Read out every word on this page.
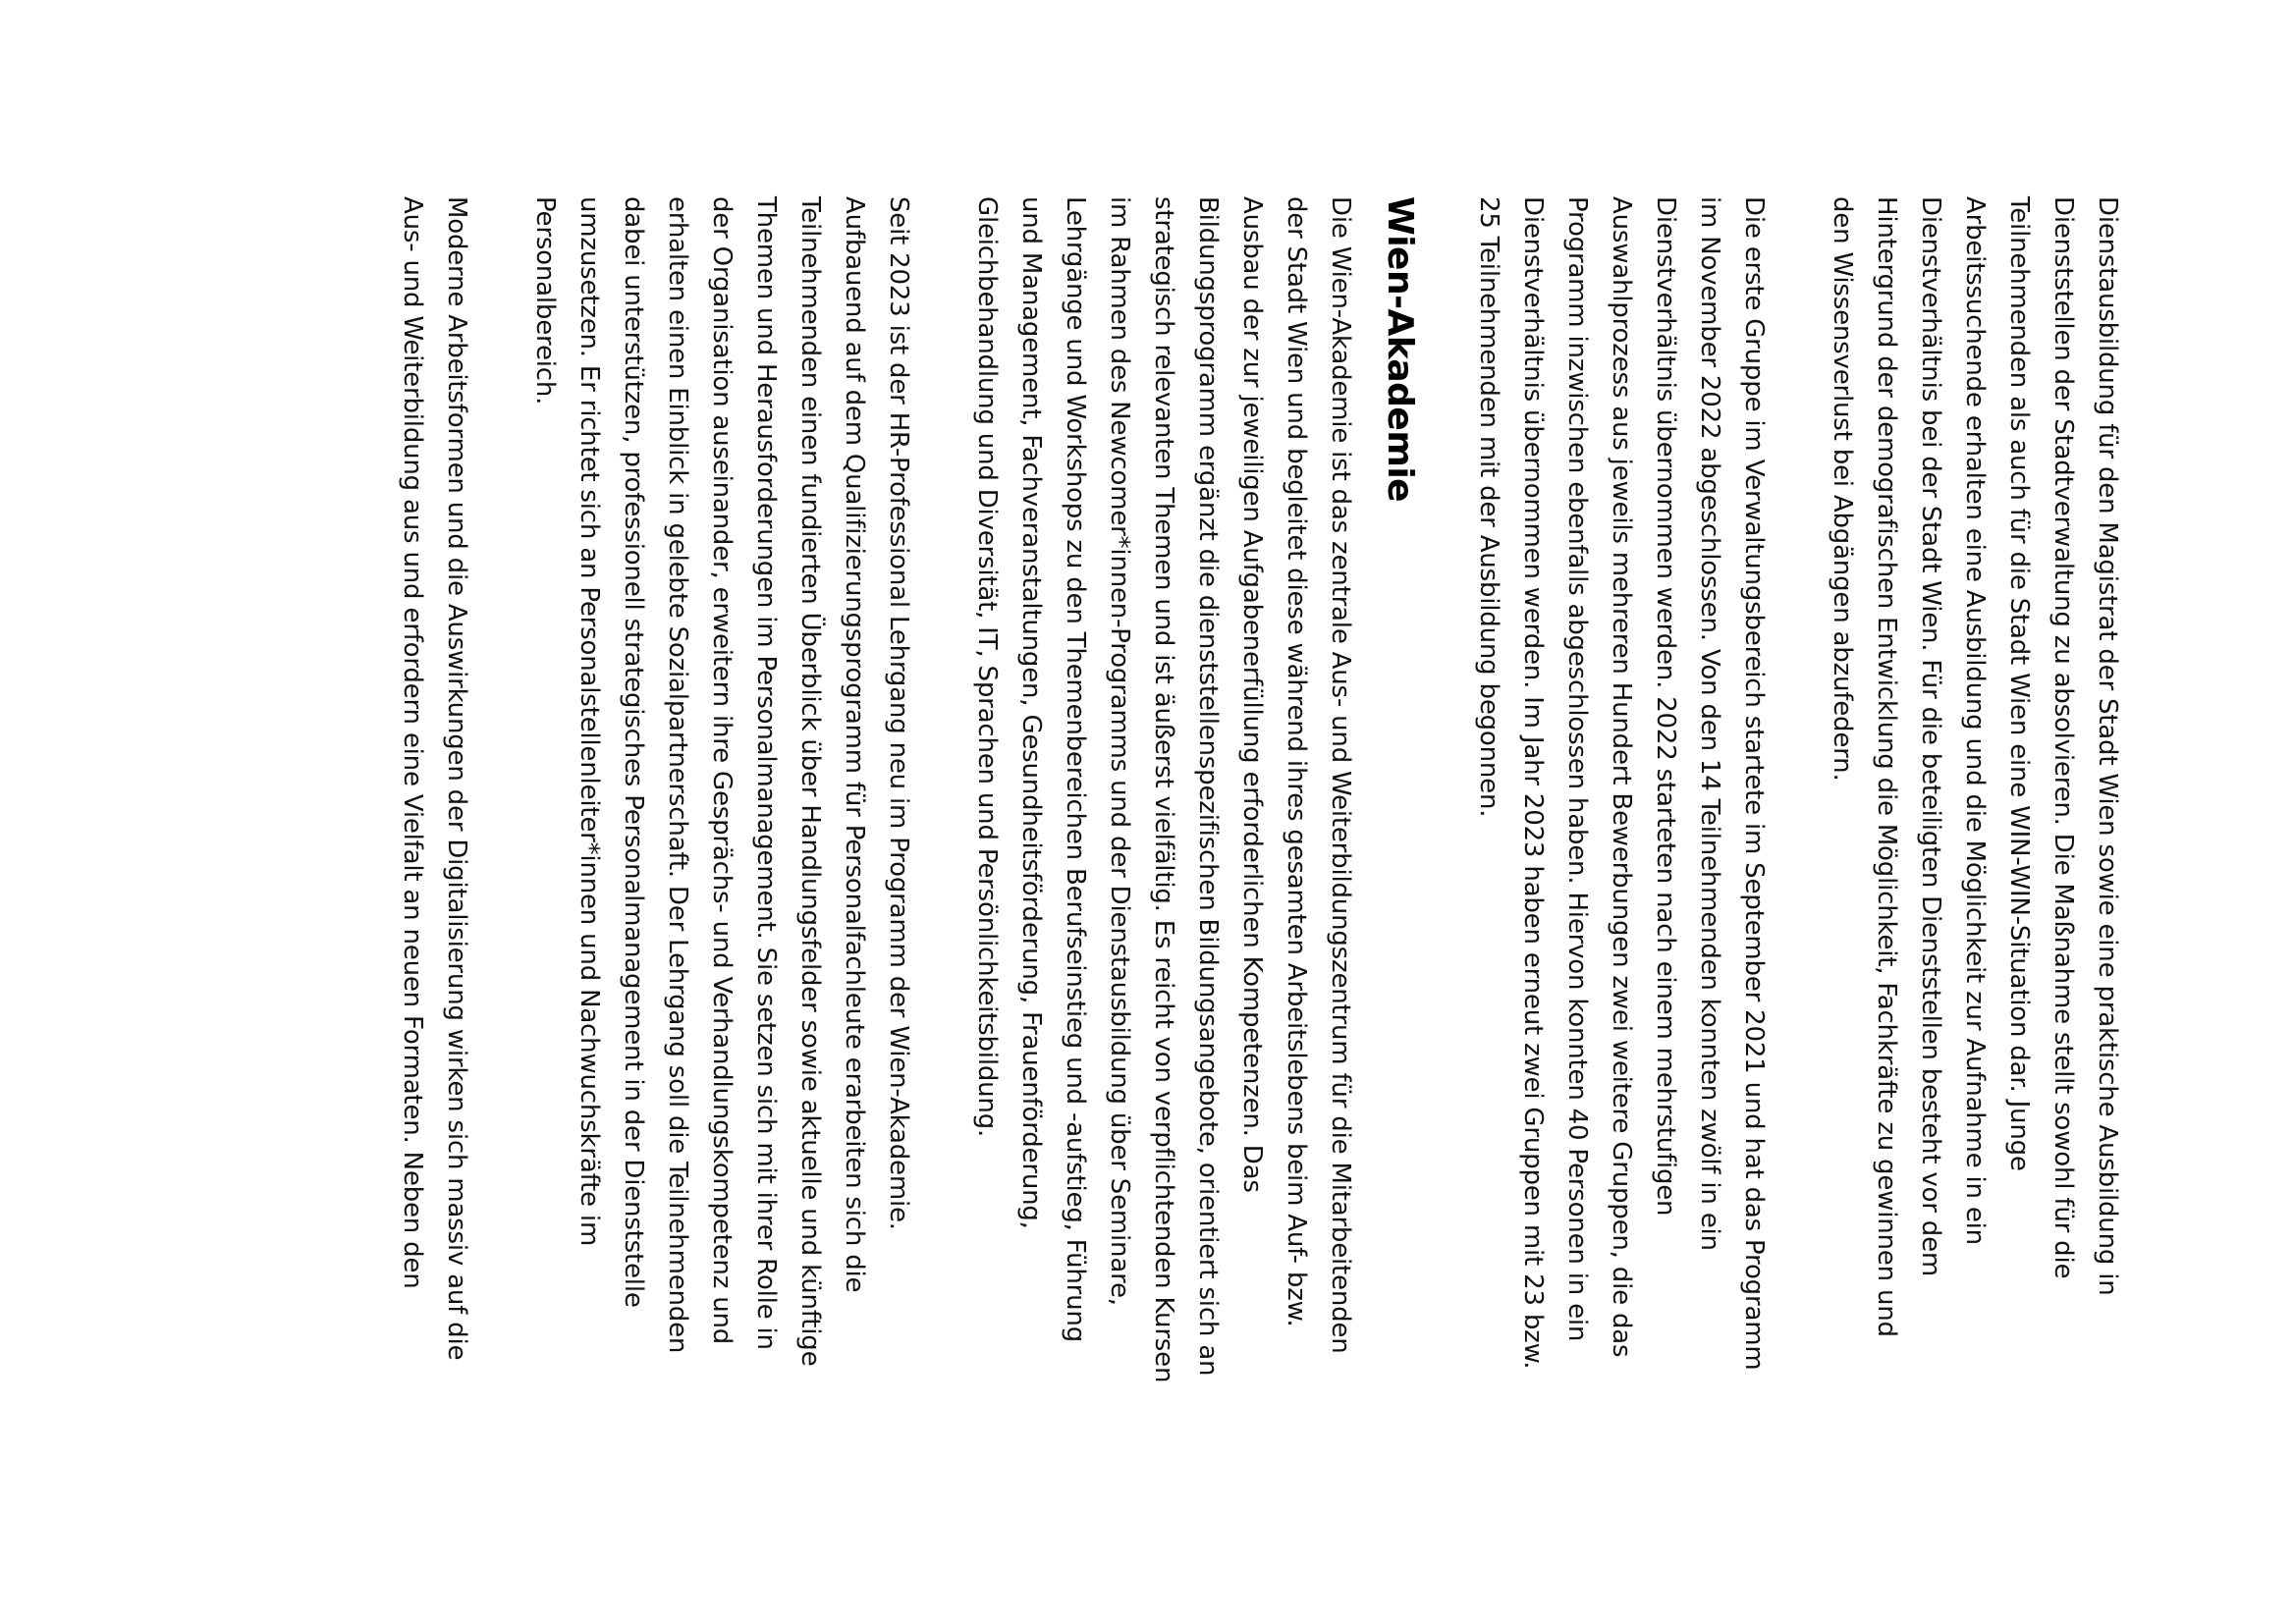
Dienstausbildung für den Magistrat der Stadt Wien sowie eine praktische Ausbildung in
Dienststellen der Stadtverwaltung zu absolvieren. Die Maßnahme stellt sowohl für die
Teilnehmenden als auch für die Stadt Wien eine WIN-WIN-Situation dar. Junge
Arbeitssuchende erhalten eine Ausbildung und die Möglichkeit zur Aufnahme in ein
Dienstverhältnis bei der Stadt Wien. Für die beteiligten Dienststellen besteht vor dem
Hintergrund der demografischen Entwicklung die Möglichkeit, Fachkräfte zu gewinnen und
den Wissensverlust bei Abgängen abzufedern.

Die erste Gruppe im Verwaltungsbereich startete im September 2021 und hat das Programm
im November 2022 abgeschlossen. Von den 14 Teilnehmenden konnten zwölf in ein
Dienstverhältnis übernommen werden. 2022 starteten nach einem mehrstufigen
Auswahlprozess aus jeweils mehreren Hundert Bewerbungen zwei weitere Gruppen, die das
Programm inzwischen ebenfalls abgeschlossen haben. Hiervon konnten 40 Personen in ein
Dienstverhältnis übernommen werden. Im Jahr 2023 haben erneut zwei Gruppen mit 23 bzw.
25 Teilnehmenden mit der Ausbildung begonnen.

Wien-Akademie

Die Wien-Akademie ist das zentrale Aus- und Weiterbildungszentrum für die Mitarbeitenden
der Stadt Wien und begleitet diese während ihres gesamten Arbeitslebens beim Auf- bzw.
Ausbau der zur jeweiligen Aufgabenerfüllung erforderlichen Kompetenzen. Das
Bildungsprogramm ergänzt die dienststellenspezifischen Bildungsangebote, orientiert sich an
strategisch relevanten Themen und ist äußerst vielfältig. Es reicht von verpflichtenden Kursen
im Rahmen des Newcomer*innen-Programms und der Dienstausbildung über Seminare,
Lehrgänge und Workshops zu den Themenbereichen Berufseinstieg und -aufstieg, Führung
und Management, Fachveranstaltungen, Gesundheitsförderung, Frauenförderung,
Gleichbehandlung und Diversität, IT, Sprachen und Persönlichkeitsbildung.

Seit 2023 ist der HR-Professional Lehrgang neu im Programm der Wien-Akademie.
Aufbauend auf dem Qualifizierungsprogramm für Personalfachleute erarbeiten sich die
Teilnehmenden einen fundierten Überblick über Handlungsfelder sowie aktuelle und künftige
Themen und Herausforderungen im Personalmanagement. Sie setzen sich mit ihrer Rolle in
der Organisation auseinander, erweitern ihre Gesprächs- und Verhandlungskompetenz und
erhalten einen Einblick in gelebte Sozialpartnerschaft. Der Lehrgang soll die Teilnehmenden
dabei unterstützen, professionell strategisches Personalmanagement in der Dienststelle
umzusetzen. Er richtet sich an Personalstellenleiter*innen und Nachwuchskräfte im
Personalbereich.

Moderne Arbeitsformen und die Auswirkungen der Digitalisierung wirken sich massiv auf die
Aus- und Weiterbildung aus und erfordern eine Vielfalt an neuen Formaten. Neben den
